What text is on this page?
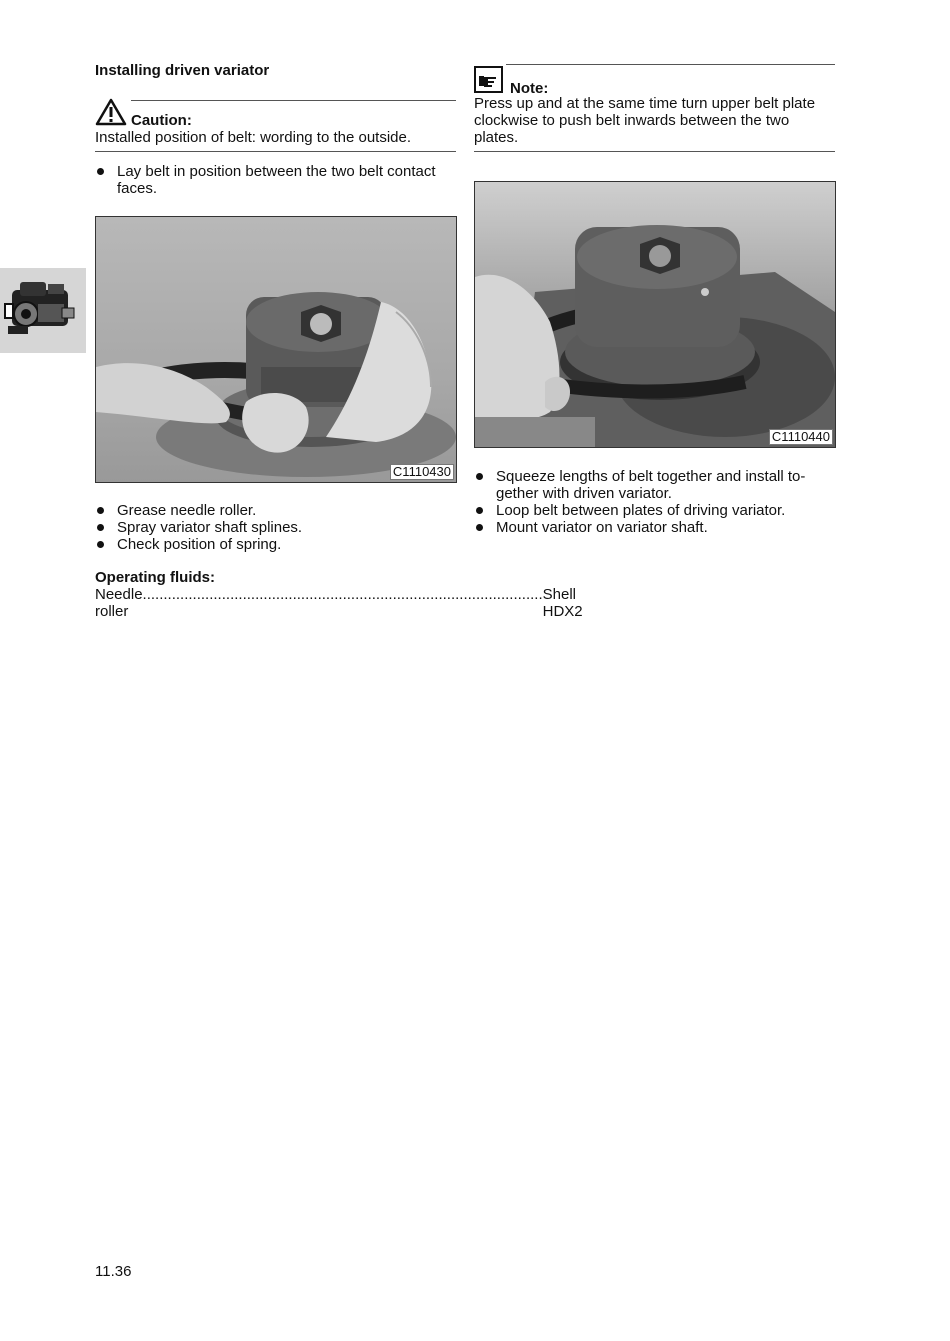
Installing driven variator
Caution:
Installed position of belt: wording to the outside.
Lay belt in position between the two belt contact faces.
C1110430
Grease needle roller.
Spray variator shaft splines.
Check position of spring.
Operating fluids:
Needle roller
................................................................................................ Shell HDX2
Note:
Press up and at the same time turn upper belt plate clockwise to push belt inwards between the two plates.
C1110440
Squeeze lengths of belt together and install to-gether with driven variator.
Loop belt between plates of driving variator.
Mount variator on variator shaft.
11.36
